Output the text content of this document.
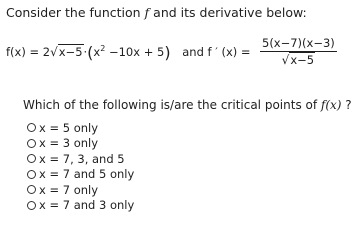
Consider the function f and its derivative below:
$f(x) = 2√x-5\cdot(x^2 -10x + 5)$ and f ′ $(x) = \frac{5(x-7)(x-3)}{√x-5}$
Which of the following is/are the critical points of f(x) ?
x = 5 only
x = 3 only
x = 7, 3, and 5
x = 7 and 5 only
x = 7 only
x = 7 and 3 only
